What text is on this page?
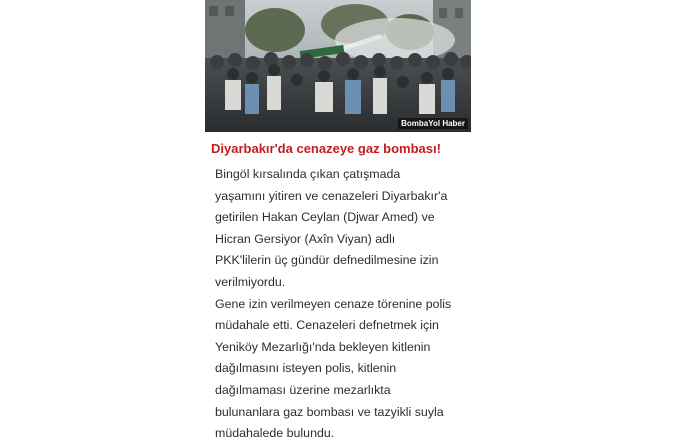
BombaYol Haber
Diyarbakır'da cenazeye gaz bombası!
Bingöl kırsalında çıkan çatışmada
yaşamını yitiren ve cenazeleri Diyarbakır'a
getirilen Hakan Ceylan (Djwar Amed) ve
Hicran Gersiyor (Axîn Viyan) adlı
PKK'lilerin üç gündür defnedilmesine izin
verilmiyordu.
Gene izin verilmeyen cenaze törenine polis
müdahale etti. Cenazeleri defnetmek için
Yeniköy Mezarlığı'nda bekleyen kitlenin
dağılmasını isteyen polis, kitlenin
dağılmaması üzerine mezarlıkta
bulunanlara gaz bombası ve tazyikli suyla
müdahalede bulundu.
